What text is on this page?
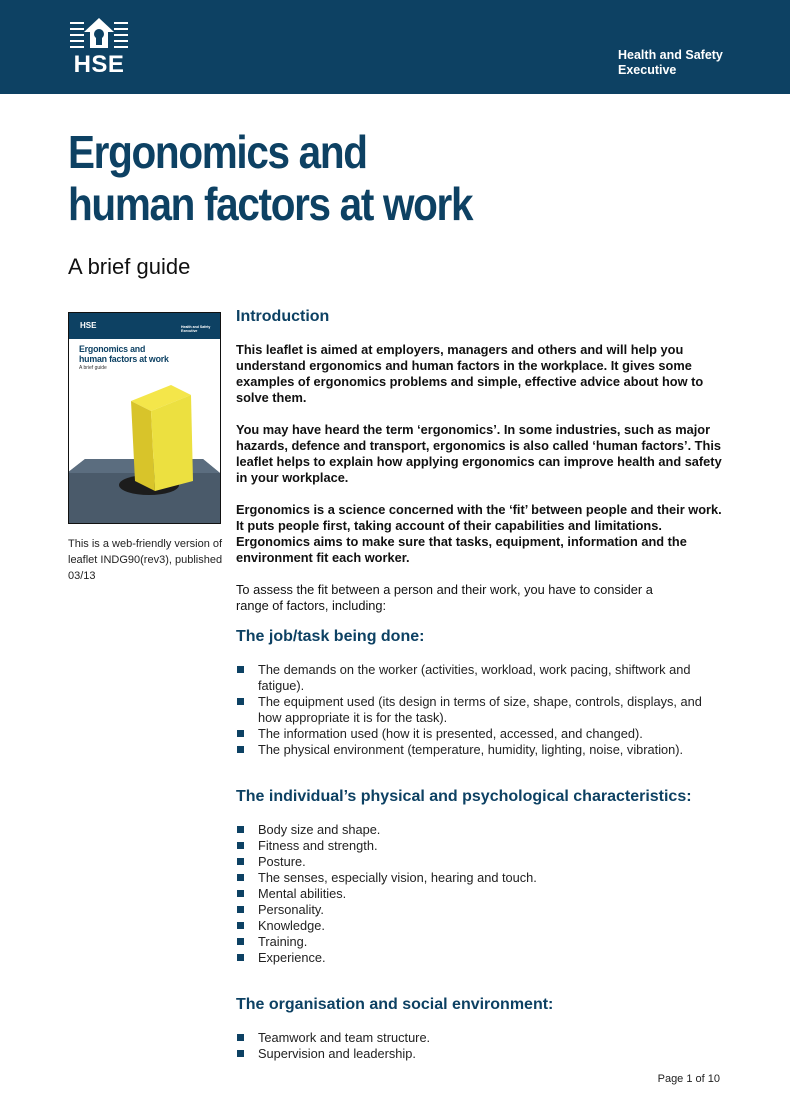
HSE	Health and Safety
Executive
Ergonomics and
human factors at work
A brief guide
HSE	Health and Safety Executive
Ergonomics and
human factors at work
A brief guide
This is a web-friendly version of leaflet INDG90(rev3), published 03/13
Introduction

This leaflet is aimed at employers, managers and others and will help you understand ergonomics and human factors in the workplace. It gives some examples of ergonomics problems and simple, effective advice about how to solve them.

You may have heard the term ‘ergonomics’. In some industries, such as major hazards, defence and transport, ergonomics is also called ‘human factors’. This leaflet helps to explain how applying ergonomics can improve health and safety in your workplace.

Ergonomics is a science concerned with the ‘fit’ between people and their work. It puts people first, taking account of their capabilities and limitations. Ergonomics aims to make sure that tasks, equipment, information and the environment fit each worker.

To assess the fit between a person and their work, you have to consider a range of factors, including:

The job/task being done:
The demands on the worker (activities, workload, work pacing, shiftwork and fatigue).
The equipment used (its design in terms of size, shape, controls, displays, and how appropriate it is for the task).
The information used (how it is presented, accessed, and changed).
The physical environment (temperature, humidity, lighting, noise, vibration).
The individual’s physical and psychological characteristics:
Body size and shape.
Fitness and strength.
Posture.
The senses, especially vision, hearing and touch.
Mental abilities.
Personality.
Knowledge.
Training.
Experience.
The organisation and social environment:
Teamwork and team structure.
Supervision and leadership.
Page 1 of 10
